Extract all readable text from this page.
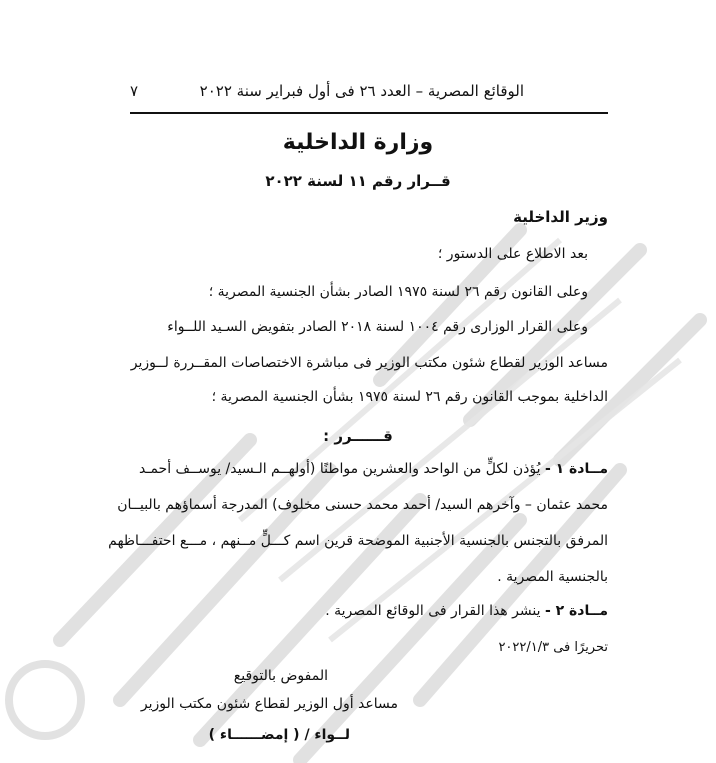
الوقائع المصرية – العدد ٢٦ فى أول فبراير سنة ٢٠٢٢
٧
وزارة الداخلية
قــرار رقم ١١ لسنة ٢٠٢٢
وزير الداخلية
بعد الاطلاع على الدستور ؛
وعلى القانون رقم ٢٦ لسنة ١٩٧٥ الصادر بشأن الجنسية المصرية ؛
وعلى القرار الوزارى رقم ١٠٠٤ لسنة ٢٠١٨ الصادر بتفويض السـيد اللــواء
مساعد الوزير لقطاع شئون مكتب الوزير فى مباشرة الاختصاصات المقــررة لــوزير
الداخلية بموجب القانون رقم ٢٦ لسنة ١٩٧٥ بشأن الجنسية المصرية ؛
قــــــرر :
مــادة ١ - يُؤذن لكلٍّ من الواحد والعشرين مواطنًا (أولهــم الـسيد/ يوســف أحمـد
محمد عثمان – وآخرهم السيد/ أحمد محمد حسنى مخلوف) المدرجة أسماؤهم بالبيــان
المرفق بالتجنس بالجنسية الأجنبية الموضحة قرين اسم كـــلٍّ مــنهم ، مـــع احتفـــاظهم
بالجنسية المصرية .
مــادة ٢ - ينشر هذا القرار فى الوقائع المصرية .
تحريرًا فى ٢٠٢٢/١/٣
المفوض بالتوقيع
مساعد أول الوزير لقطاع شئون مكتب الوزير
لــواء / ( إمضــــــاء )
